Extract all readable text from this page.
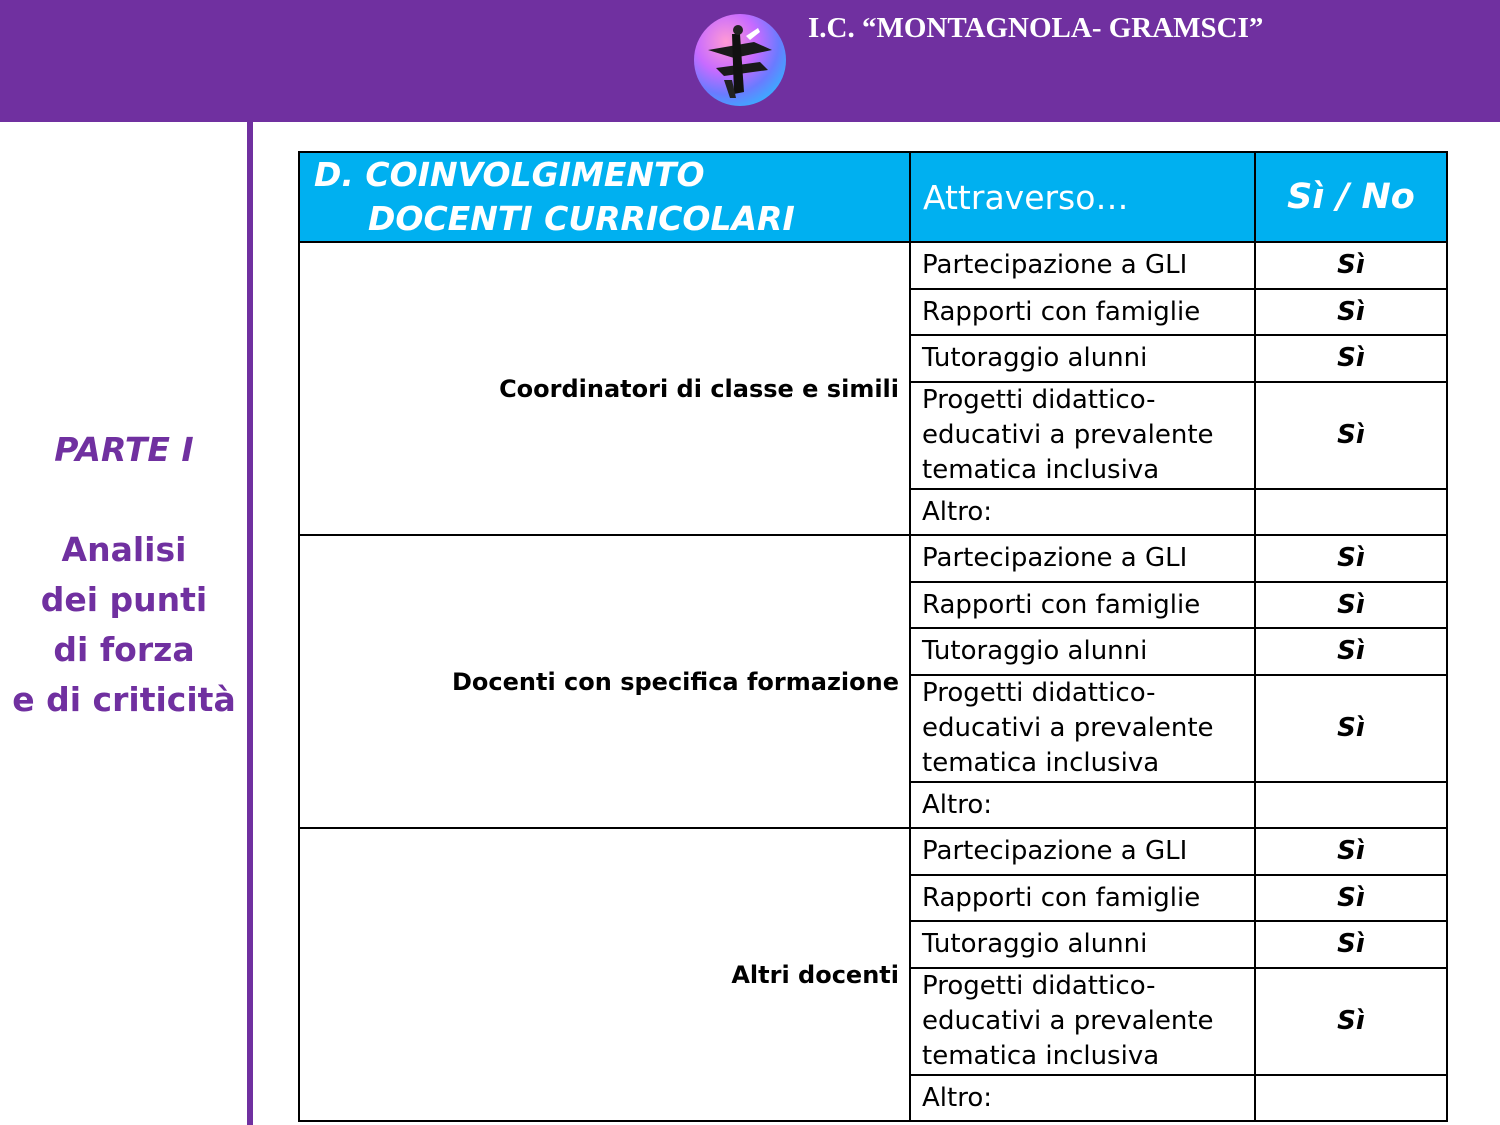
I.C. “MONTAGNOLA- GRAMSCI”
PARTE I
Analisi
dei punti
di forza
e di criticità
D. COINVOLGIMENTO
DOCENTI CURRICOLARI	Attraverso…	Sì / No
Coordinatori di classe e simili	Partecipazione a GLI	Sì
	Rapporti con famiglie	Sì
	Tutoraggio alunni	Sì

	Progetti didattico-
educativi a prevalente
tematica inclusiva	Sì
	Altro:	
Docenti con specifica formazione	Partecipazione a GLI	Sì
	Rapporti con famiglie	Sì
	Tutoraggio alunni	Sì

	Progetti didattico-
educativi a prevalente
tematica inclusiva	Sì
	Altro:	
Altri docenti	Partecipazione a GLI	Sì
	Rapporti con famiglie	Sì
	Tutoraggio alunni	Sì

	Progetti didattico-
educativi a prevalente
tematica inclusiva	Sì
	Altro:	
